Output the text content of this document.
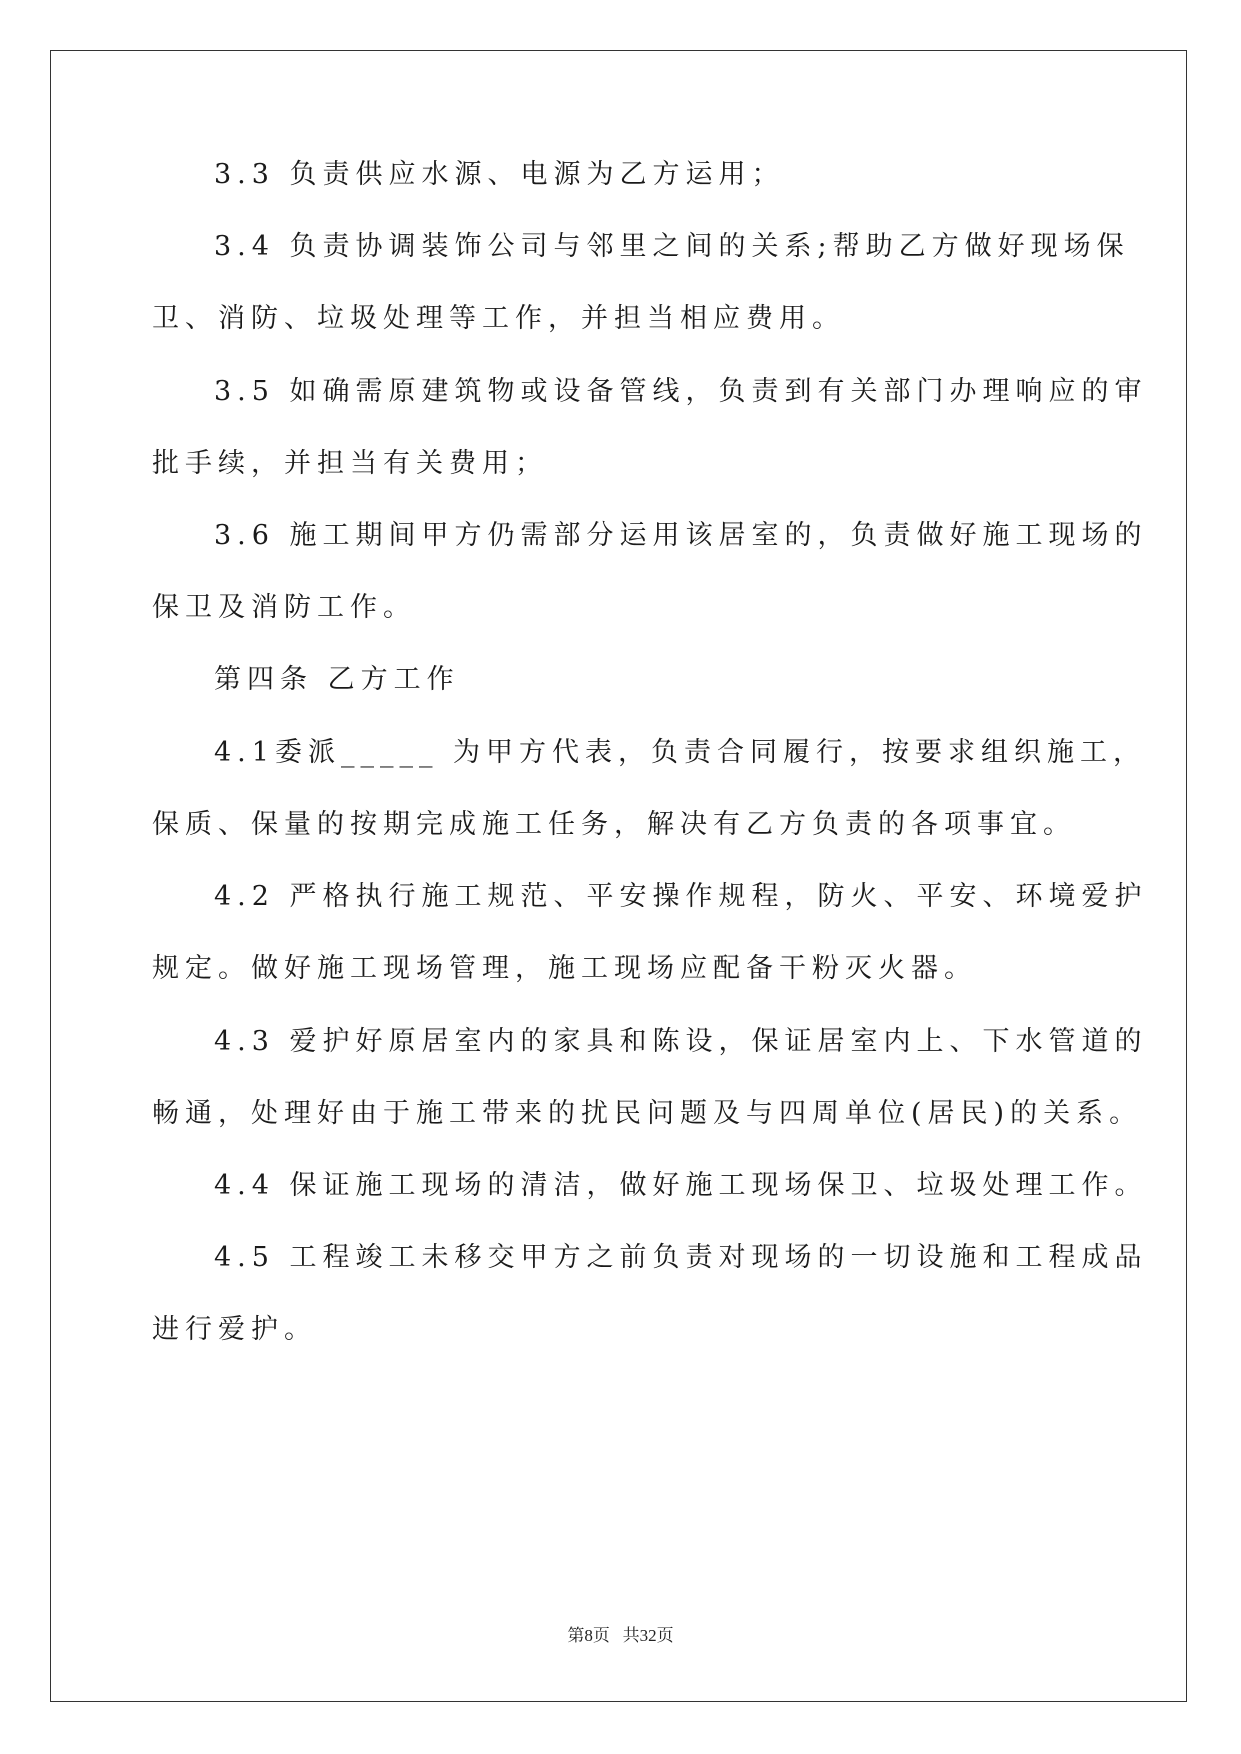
3.3 负责供应水源、电源为乙方运用；
3.4 负责协调装饰公司与邻里之间的关系;帮助乙方做好现场保
卫、消防、垃圾处理等工作，并担当相应费用。
3.5 如确需原建筑物或设备管线，负责到有关部门办理响应的审
批手续，并担当有关费用；
3.6 施工期间甲方仍需部分运用该居室的，负责做好施工现场的
保卫及消防工作。
第四条 乙方工作
4.1委派_____ 为甲方代表，负责合同履行，按要求组织施工，
保质、保量的按期完成施工任务，解决有乙方负责的各项事宜。
4.2 严格执行施工规范、平安操作规程，防火、平安、环境爱护
规定。做好施工现场管理，施工现场应配备干粉灭火器。
4.3 爱护好原居室内的家具和陈设，保证居室内上、下水管道的
畅通，处理好由于施工带来的扰民问题及与四周单位(居民)的关系。
4.4 保证施工现场的清洁，做好施工现场保卫、垃圾处理工作。
4.5 工程竣工未移交甲方之前负责对现场的一切设施和工程成品
进行爱护。
第8页   共32页
